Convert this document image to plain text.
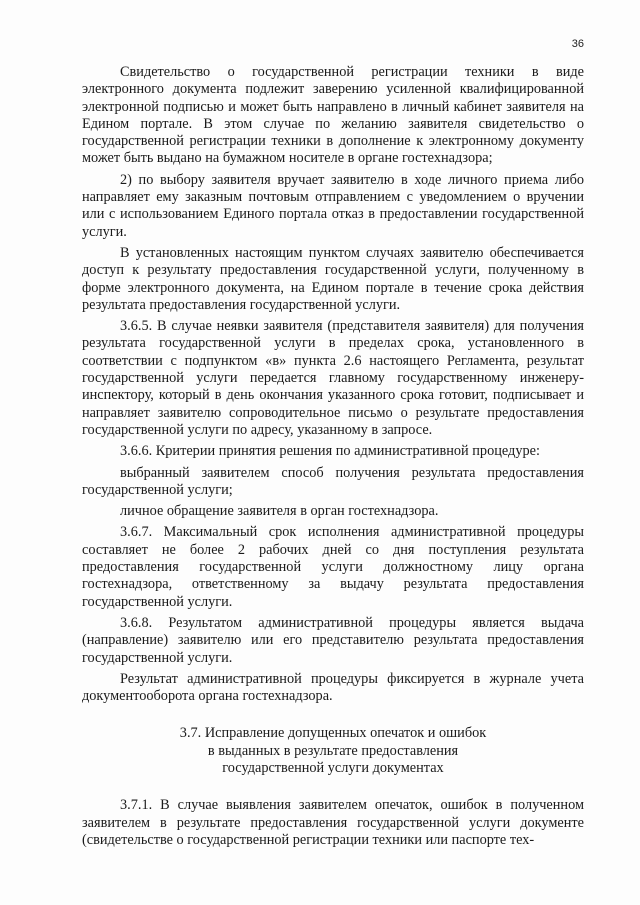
36

Свидетельство о государственной регистрации техники в виде электронного документа подлежит заверению усиленной квалифицированной электронной подписью и может быть направлено в личный кабинет заявителя на Едином портале. В этом случае по желанию заявителя свидетельство о государственной регистрации техники в дополнение к электронному документу может быть выдано на бумажном носителе в органе гостехнадзора;

2) по выбору заявителя вручает заявителю в ходе личного приема либо направляет ему заказным почтовым отправлением с уведомлением о вручении или с использованием Единого портала отказ в предоставлении государственной услуги.

В установленных настоящим пунктом случаях заявителю обеспечивается доступ к результату предоставления государственной услуги, полученному в форме электронного документа, на Едином портале в течение срока действия результата предоставления государственной услуги.

3.6.5. В случае неявки заявителя (представителя заявителя) для получения результата государственной услуги в пределах срока, установленного в соответствии с подпунктом «в» пункта 2.6 настоящего Регламента, результат государственной услуги передается главному государственному инженеру-инспектору, который в день окончания указанного срока готовит, подписывает и направляет заявителю сопроводительное письмо о результате предоставления государственной услуги по адресу, указанному в запросе.

3.6.6. Критерии принятия решения по административной процедуре:

выбранный заявителем способ получения результата предоставления государственной услуги;

личное обращение заявителя в орган гостехнадзора.

3.6.7. Максимальный срок исполнения административной процедуры составляет не более 2 рабочих дней со дня поступления результата предоставления государственной услуги должностному лицу органа гостехнадзора, ответственному за выдачу результата предоставления государственной услуги.

3.6.8. Результатом административной процедуры является выдача (направление) заявителю или его представителю результата предоставления государственной услуги.

Результат административной процедуры фиксируется в журнале учета документооборота органа гостехнадзора.

3.7. Исправление допущенных опечаток и ошибок
в выданных в результате предоставления
государственной услуги документах

3.7.1. В случае выявления заявителем опечаток, ошибок в полученном заявителем в результате предоставления государственной услуги документе (свидетельстве о государственной регистрации техники или паспорте тех-
